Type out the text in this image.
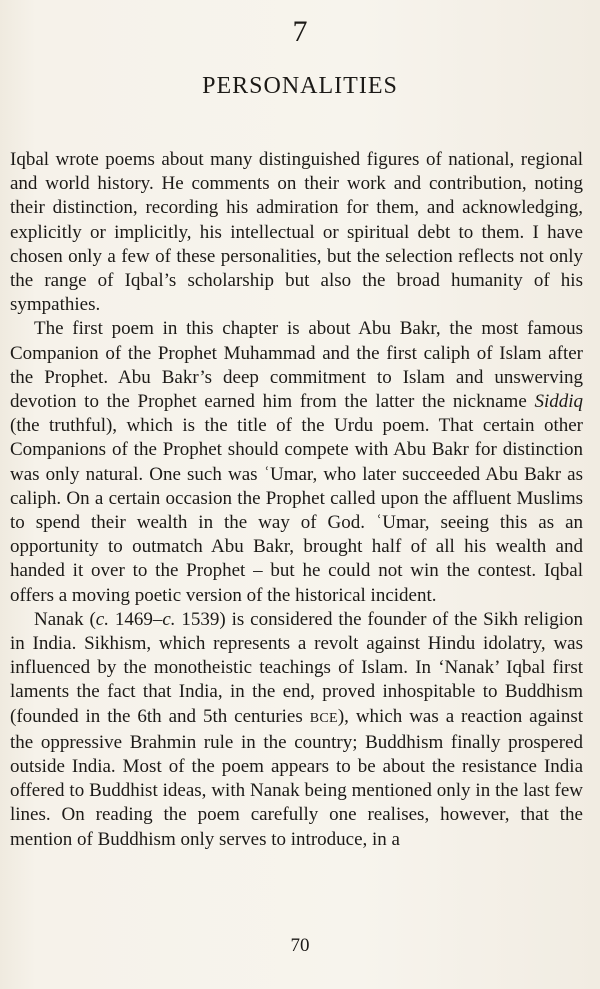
7
PERSONALITIES

Iqbal wrote poems about many distinguished figures of national, regional and world history. He comments on their work and contribution, noting their distinction, recording his admiration for them, and acknowledging, explicitly or implicitly, his intellectual or spiritual debt to them. I have chosen only a few of these personalities, but the selection reflects not only the range of Iqbal’s scholarship but also the broad humanity of his sympathies.

The first poem in this chapter is about Abu Bakr, the most famous Companion of the Prophet Muhammad and the first caliph of Islam after the Prophet. Abu Bakr’s deep commitment to Islam and unswerving devotion to the Prophet earned him from the latter the nickname Siddiq (the truthful), which is the title of the Urdu poem. That certain other Companions of the Prophet should compete with Abu Bakr for distinction was only natural. One such was ʿUmar, who later succeeded Abu Bakr as caliph. On a certain occasion the Prophet called upon the affluent Muslims to spend their wealth in the way of God. ʿUmar, seeing this as an opportunity to outmatch Abu Bakr, brought half of all his wealth and handed it over to the Prophet – but he could not win the contest. Iqbal offers a moving poetic version of the historical incident.

Nanak (c. 1469–c. 1539) is considered the founder of the Sikh religion in India. Sikhism, which represents a revolt against Hindu idolatry, was influenced by the monotheistic teachings of Islam. In ‘Nanak’ Iqbal first laments the fact that India, in the end, proved inhospitable to Buddhism (founded in the 6th and 5th centuries BCE), which was a reaction against the oppressive Brahmin rule in the country; Buddhism finally prospered outside India. Most of the poem appears to be about the resistance India offered to Buddhist ideas, with Nanak being mentioned only in the last few lines. On reading the poem carefully one realises, however, that the mention of Buddhism only serves to introduce, in a

70
